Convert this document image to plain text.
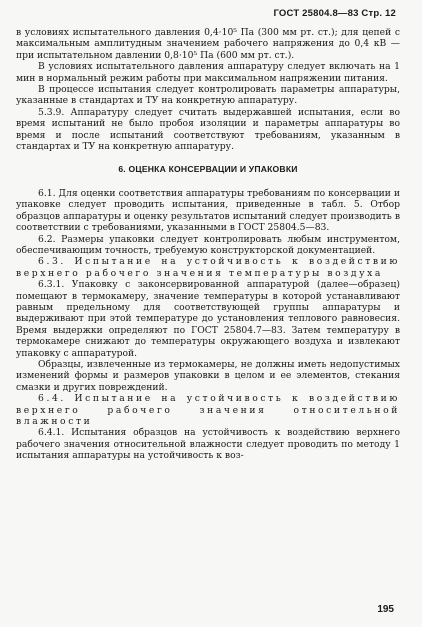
ГОСТ 25804.8—83 Стр. 12

в условиях испытательного давления 0,4·10⁵ Па (300 мм рт. ст.); для цепей с максимальным амплитудным значением рабочего напряжения до 0,4 кВ — при испытательном давлении 0,8·10⁵ Па (600 мм рт. ст.).

В условиях испытательного давления аппаратуру следует включать на 1 мин в нормальный режим работы при максимальном напряжении питания.

В процессе испытания следует контролировать параметры аппаратуры, указанные в стандартах и ТУ на конкретную аппаратуру.

5.3.9. Аппаратуру следует считать выдержавшей испытания, если во время испытаний не было пробоя изоляции и параметры аппаратуры во время и после испытаний соответствуют требованиям, указанным в стандартах и ТУ на конкретную аппаратуру.

6. ОЦЕНКА КОНСЕРВАЦИИ И УПАКОВКИ

6.1. Для оценки соответствия аппаратуры требованиям по консервации и упаковке следует проводить испытания, приведенные в табл. 5. Отбор образцов аппаратуры и оценку результатов испытаний следует производить в соответствии с требованиями, указанными в ГОСТ 25804.5—83.

6.2. Размеры упаковки следует контролировать любым инструментом, обеспечивающим точность, требуемую конструкторской документацией.

6.3. Испытание на устойчивость к воздействию верхнего рабочего значения температуры воздуха

6.3.1. Упаковку с законсервированной аппаратурой (далее—образец) помещают в термокамеру, значение температуры в которой устанавливают равным предельному для соответствующей группы аппаратуры и выдерживают при этой температуре до установления теплового равновесия. Время выдержки определяют по ГОСТ 25804.7—83. Затем температуру в термокамере снижают до температуры окружающего воздуха и извлекают упаковку с аппаратурой.

Образцы, извлеченные из термокамеры, не должны иметь недопустимых изменений формы и размеров упаковки в целом и ее элементов, стекания смазки и других повреждений.

6.4. Испытание на устойчивость к воздействию верхнего рабочего значения относительной влажности

6.4.1. Испытания образцов на устойчивость к воздействию верхнего рабочего значения относительной влажности следует проводить по методу 1 испытания аппаратуры на устойчивость к воз-

195
